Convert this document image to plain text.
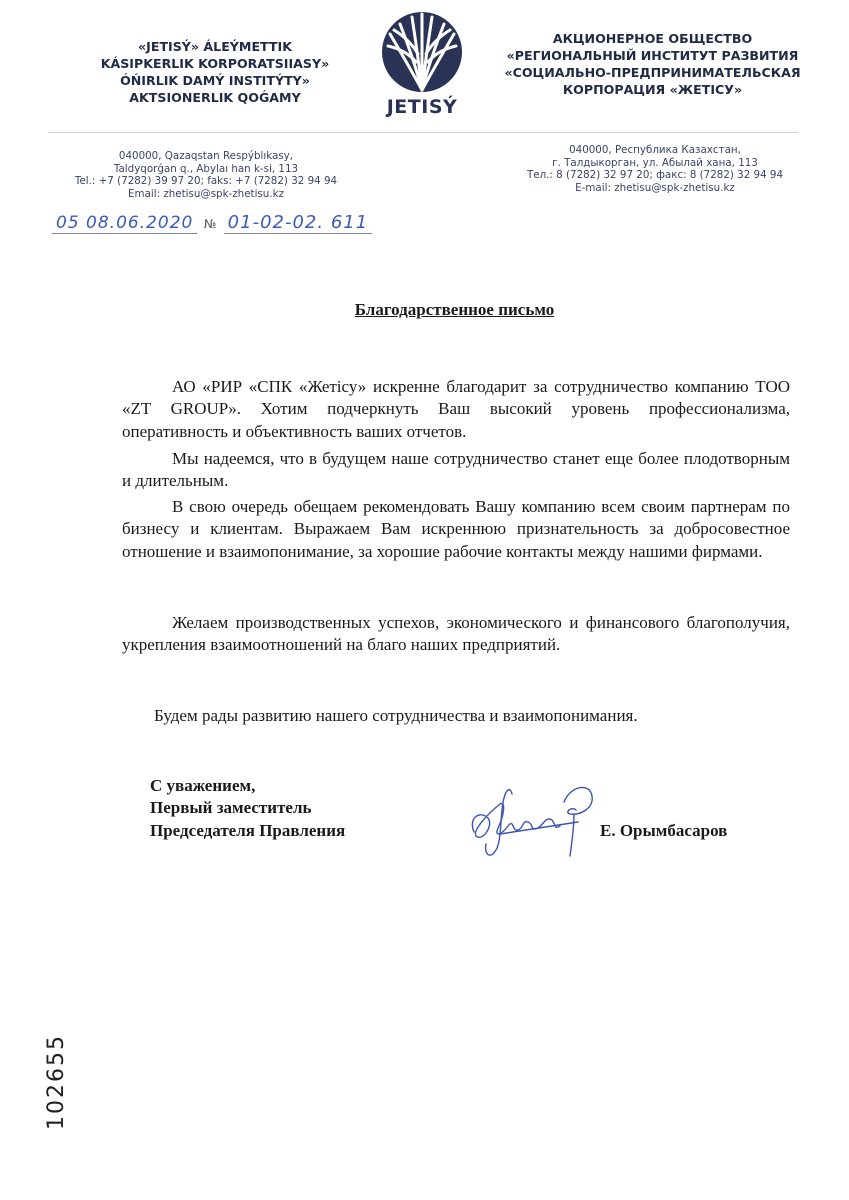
«JETISÝ» ÁLEÝMETTIK
KÁSIPKERLIK KORPORATSIIASY»
ÓŃIRLIK DAMÝ INSTITÝTY»
AKTSIONERLIK QOǴAMY	JETISÝ
АКЦИОНЕРНОЕ ОБЩЕСТВО
«РЕГИОНАЛЬНЫЙ ИНСТИТУТ РАЗВИТИЯ
«СОЦИАЛЬНО-ПРЕДПРИНИМАТЕЛЬСКАЯ
КОРПОРАЦИЯ «ЖЕТІСУ»
040000, Qazaqstan Respýblıkasy,
Taldyqorǵan q., Abylaı han k-si, 113
Tel.: +7 (7282) 39 97 20; faks: +7 (7282) 32 94 94
Email: zhetisu@spk-zhetisu.kz
040000, Республика Казахстан,
г. Талдыкорган, ул. Абылай хана, 113
Тел.: 8 (7282) 32 97 20; факс: 8 (7282) 32 94 94
E-mail: zhetisu@spk-zhetisu.kz
05 08.06.2020 № 01-02-02. 611
Благодарственное письмо

АО «РИР «СПК «Жетісу» искренне благодарит за сотрудничество компанию ТОО «ZT GROUP». Хотим подчеркнуть Ваш высокий уровень профессионализма, оперативность и объективность ваших отчетов.

Мы надеемся, что в будущем наше сотрудничество станет еще более плодотворным и длительным.

В свою очередь обещаем рекомендовать Вашу компанию всем своим партнерам по бизнесу и клиентам. Выражаем Вам искреннюю признательность за добросовестное отношение и взаимопонимание, за хорошие рабочие контакты между нашими фирмами.

Желаем производственных успехов, экономического и финансового благополучия, укрепления взаимоотношений на благо наших предприятий.

Будем рады развитию нашего сотрудничества и взаимопонимания.

С уважением,
Первый заместитель
Председателя Правления	Е. Орымбасаров
102655
